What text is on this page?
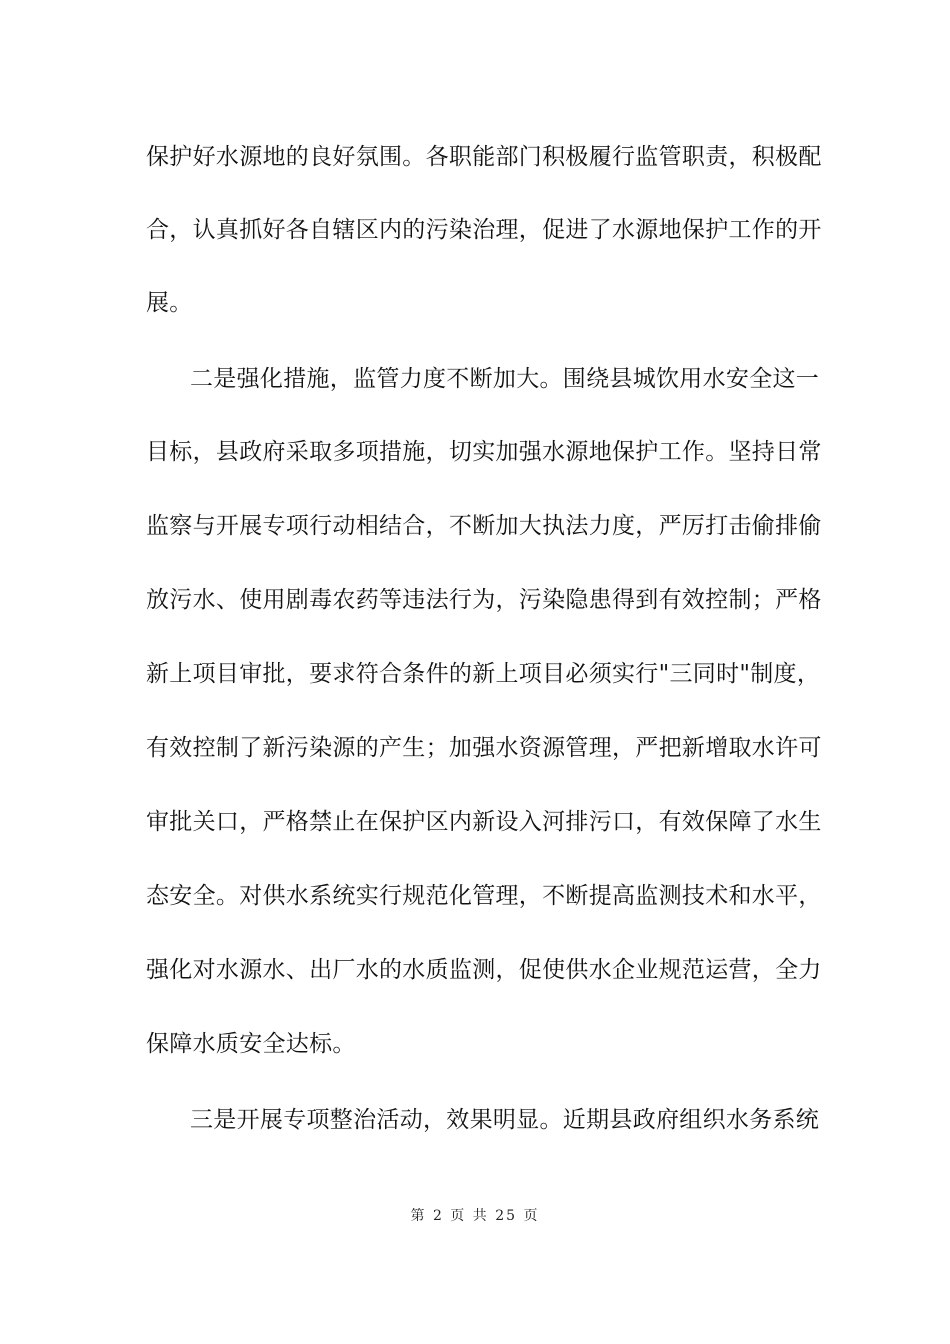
保护好水源地的良好氛围。各职能部门积极履行监管职责，积极配
合，认真抓好各自辖区内的污染治理，促进了水源地保护工作的开
展。
二是强化措施，监管力度不断加大。围绕县城饮用水安全这一
目标，县政府采取多项措施，切实加强水源地保护工作。坚持日常
监察与开展专项行动相结合，不断加大执法力度，严厉打击偷排偷
放污水、使用剧毒农药等违法行为，污染隐患得到有效控制；严格
新上项目审批，要求符合条件的新上项目必须实行"三同时"制度，
有效控制了新污染源的产生；加强水资源管理，严把新增取水许可
审批关口，严格禁止在保护区内新设入河排污口，有效保障了水生
态安全。对供水系统实行规范化管理，不断提高监测技术和水平，
强化对水源水、出厂水的水质监测，促使供水企业规范运营，全力
保障水质安全达标。
三是开展专项整治活动，效果明显。近期县政府组织水务系统
第 2 页 共 25 页
